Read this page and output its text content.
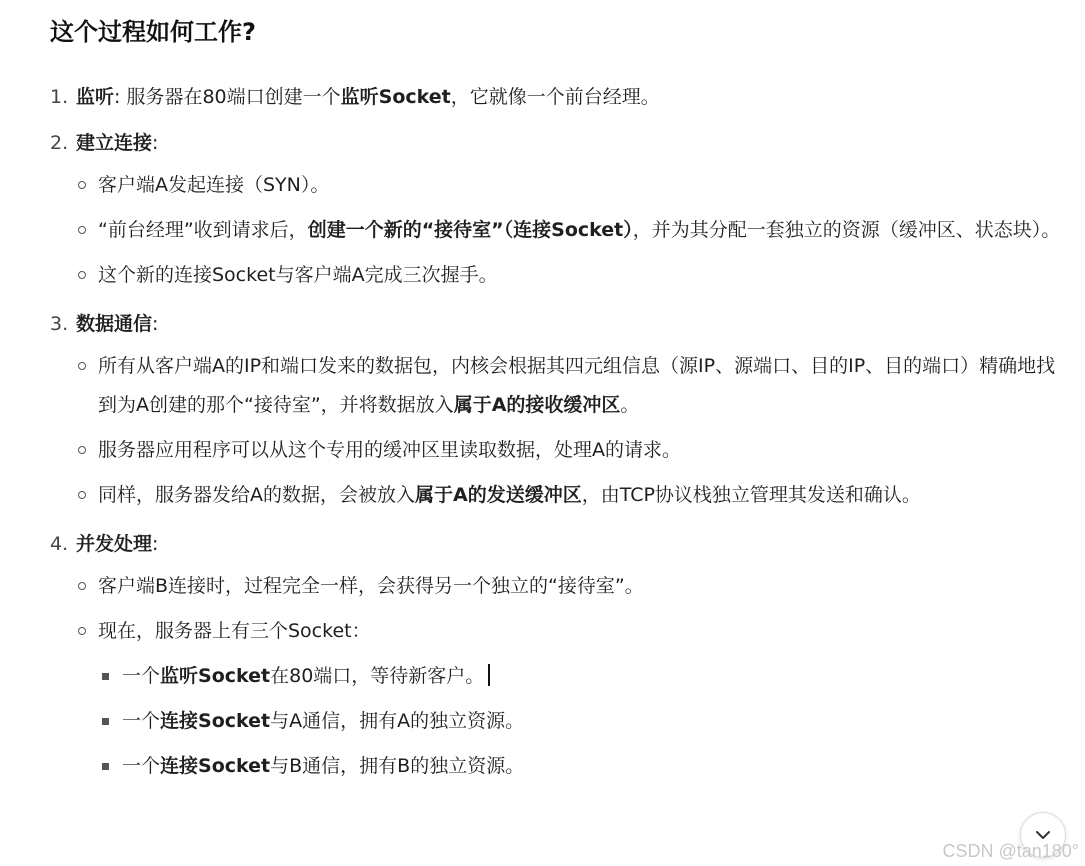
这个过程如何工作?
1. 监听: 服务器在80端口创建一个监听Socket，它就像一个前台经理。
2. 建立连接:
客户端A发起连接（SYN）。
“前台经理”收到请求后，创建一个新的“接待室”（连接Socket），并为其分配一套独立的资源（缓冲区、状态块）。
这个新的连接Socket与客户端A完成三次握手。
3. 数据通信:
所有从客户端A的IP和端口发来的数据包，内核会根据其四元组信息（源IP、源端口、目的IP、目的端口）精确地找到为A创建的那个“接待室”，并将数据放入属于A的接收缓冲区。
服务器应用程序可以从这个专用的缓冲区里读取数据，处理A的请求。
同样，服务器发给A的数据，会被放入属于A的发送缓冲区，由TCP协议栈独立管理其发送和确认。
4. 并发处理:
客户端B连接时，过程完全一样，会获得另一个独立的“接待室”。
现在，服务器上有三个Socket：
一个监听Socket在80端口，等待新客户。
一个连接Socket与A通信，拥有A的独立资源。
一个连接Socket与B通信，拥有B的独立资源。
CSDN @tan180°
